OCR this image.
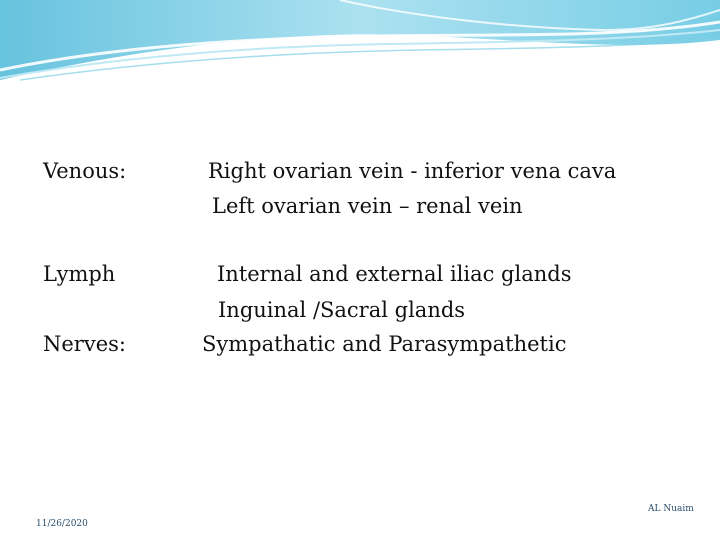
Venous:	Right ovarian vein - inferior vena cava
Left ovarian vein – renal vein
Lymph	Internal and external iliac glands
Inguinal /Sacral glands
Nerves:	Sympathatic and Parasympathetic
11/26/2020
AL Nuaim
